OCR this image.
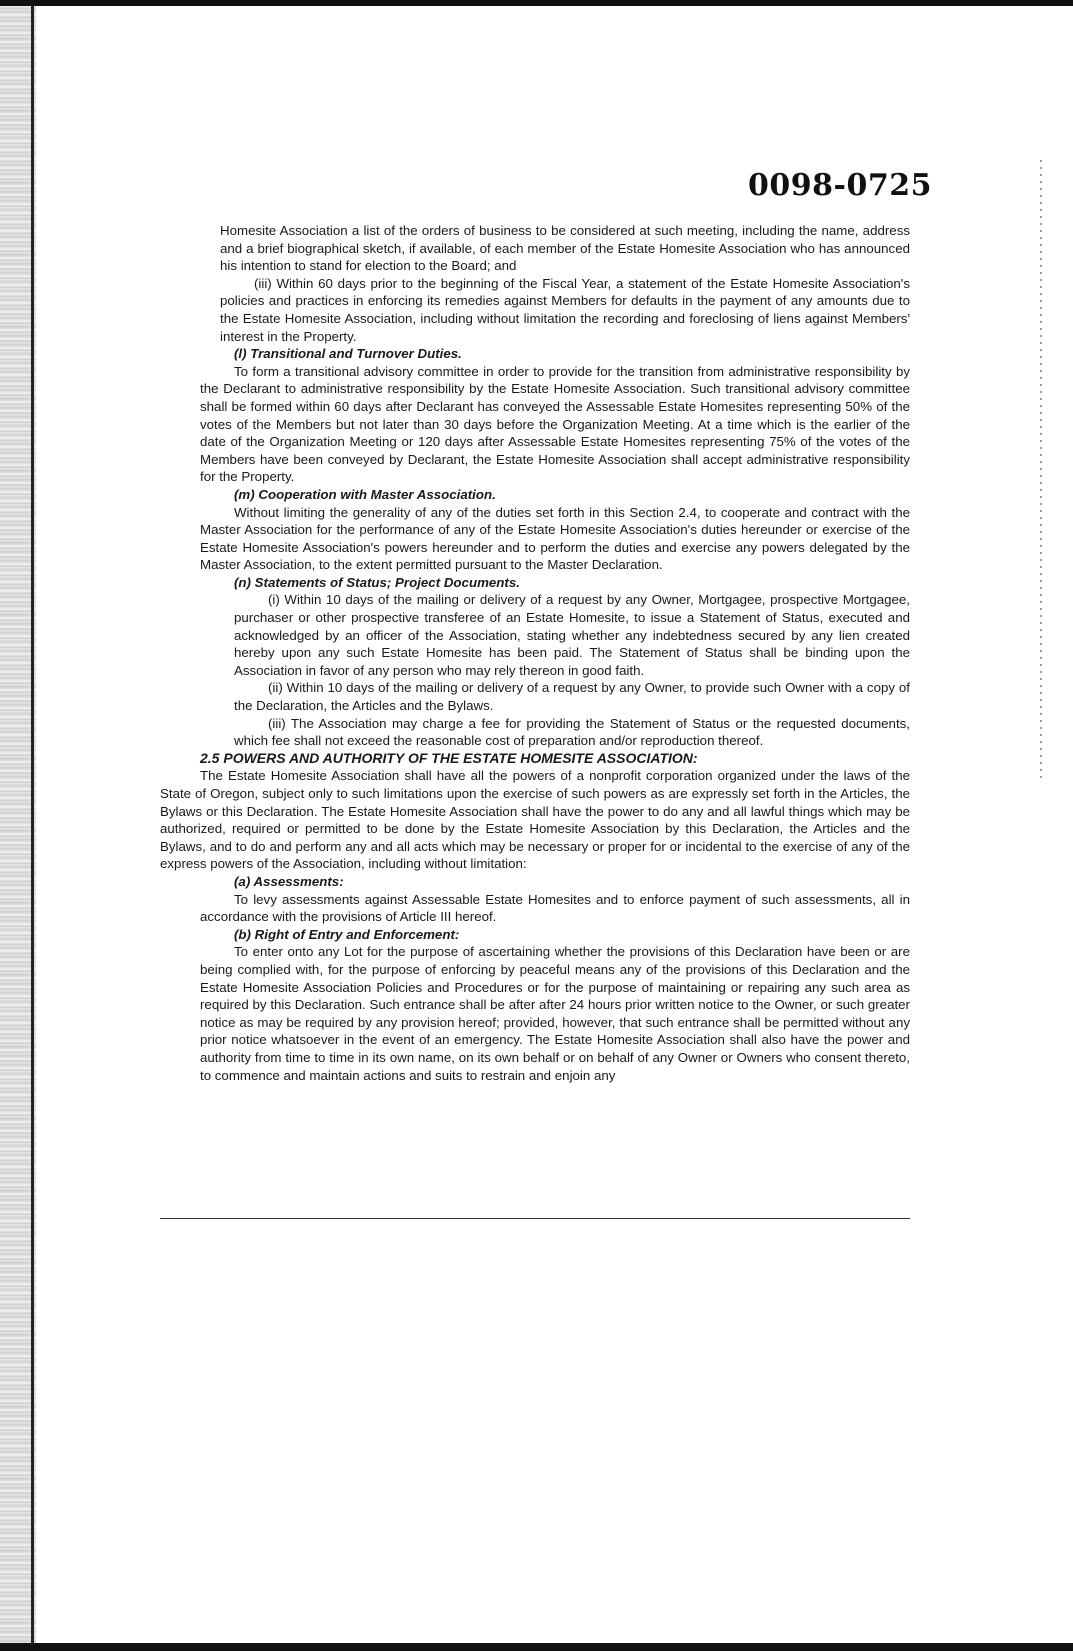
0098-0725

Homesite Association a list of the orders of business to be considered at such meeting, including the name, address and a brief biographical sketch, if available, of each member of the Estate Homesite Association who has announced his intention to stand for election to the Board; and

(iii) Within 60 days prior to the beginning of the Fiscal Year, a statement of the Estate Homesite Association's policies and practices in enforcing its remedies against Members for defaults in the payment of any amounts due to the Estate Homesite Association, including without limitation the recording and foreclosing of liens against Members' interest in the Property.

(l) Transitional and Turnover Duties.

To form a transitional advisory committee in order to provide for the transition from administrative responsibility by the Declarant to administrative responsibility by the Estate Homesite Association. Such transitional advisory committee shall be formed within 60 days after Declarant has conveyed the Assessable Estate Homesites representing 50% of the votes of the Members but not later than 30 days before the Organization Meeting. At a time which is the earlier of the date of the Organization Meeting or 120 days after Assessable Estate Homesites representing 75% of the votes of the Members have been conveyed by Declarant, the Estate Homesite Association shall accept administrative responsibility for the Property.

(m) Cooperation with Master Association.

Without limiting the generality of any of the duties set forth in this Section 2.4, to cooperate and contract with the Master Association for the performance of any of the Estate Homesite Association's duties hereunder or exercise of the Estate Homesite Association's powers hereunder and to perform the duties and exercise any powers delegated by the Master Association, to the extent permitted pursuant to the Master Declaration.

(n) Statements of Status; Project Documents.

(i) Within 10 days of the mailing or delivery of a request by any Owner, Mortgagee, prospective Mortgagee, purchaser or other prospective transferee of an Estate Homesite, to issue a Statement of Status, executed and acknowledged by an officer of the Association, stating whether any indebtedness secured by any lien created hereby upon any such Estate Homesite has been paid. The Statement of Status shall be binding upon the Association in favor of any person who may rely thereon in good faith.

(ii) Within 10 days of the mailing or delivery of a request by any Owner, to provide such Owner with a copy of the Declaration, the Articles and the Bylaws.

(iii) The Association may charge a fee for providing the Statement of Status or the requested documents, which fee shall not exceed the reasonable cost of preparation and/or reproduction thereof.

2.5 POWERS AND AUTHORITY OF THE ESTATE HOMESITE ASSOCIATION:

The Estate Homesite Association shall have all the powers of a nonprofit corporation organized under the laws of the State of Oregon, subject only to such limitations upon the exercise of such powers as are expressly set forth in the Articles, the Bylaws or this Declaration. The Estate Homesite Association shall have the power to do any and all lawful things which may be authorized, required or permitted to be done by the Estate Homesite Association by this Declaration, the Articles and the Bylaws, and to do and perform any and all acts which may be necessary or proper for or incidental to the exercise of any of the express powers of the Association, including without limitation:

(a) Assessments:

To levy assessments against Assessable Estate Homesites and to enforce payment of such assessments, all in accordance with the provisions of Article III hereof.

(b) Right of Entry and Enforcement:

To enter onto any Lot for the purpose of ascertaining whether the provisions of this Declaration have been or are being complied with, for the purpose of enforcing by peaceful means any of the provisions of this Declaration and the Estate Homesite Association Policies and Procedures or for the purpose of maintaining or repairing any such area as required by this Declaration. Such entrance shall be after after 24 hours prior written notice to the Owner, or such greater notice as may be required by any provision hereof; provided, however, that such entrance shall be permitted without any prior notice whatsoever in the event of an emergency. The Estate Homesite Association shall also have the power and authority from time to time in its own name, on its own behalf or on behalf of any Owner or Owners who consent thereto, to commence and maintain actions and suits to restrain and enjoin any
